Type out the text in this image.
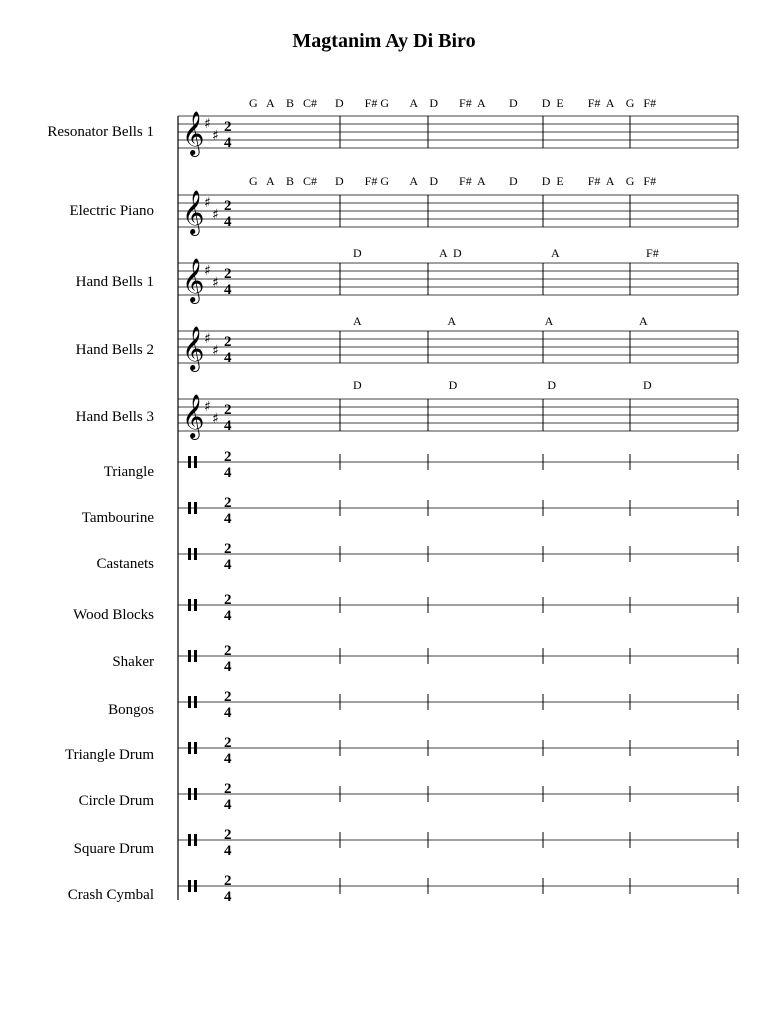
Magtanim Ay Di Biro
Resonator Bells 1
Electric Piano
Hand Bells 1
Hand Bells 2
Hand Bells 3
Triangle
Tambourine
Castanets
Wood Blocks
Shaker
Bongos
Triangle Drum
Circle Drum
Square Drum
Crash Cymbal
G   A    B   C#      D       F# G       A    D       F#  A        D        D  E        F#  A    G   F#
G   A    B   C#      D       F# G       A    D       F#  A        D        D  E        F#  A    G   F#
D                          A  D                              A                             F#
A                             A                              A                             A
D                             D                              D                             D
𝄞 ♯
♯
2
4
𝄞 ♯
♯
2
4
𝄞 ♯
♯
2
4
𝄞 ♯
♯
2
4
𝄞 ♯
♯
2
4
2
4
2
4
2
4
2
4
2
4
2
4
2
4
2
4
2
4
2
4
